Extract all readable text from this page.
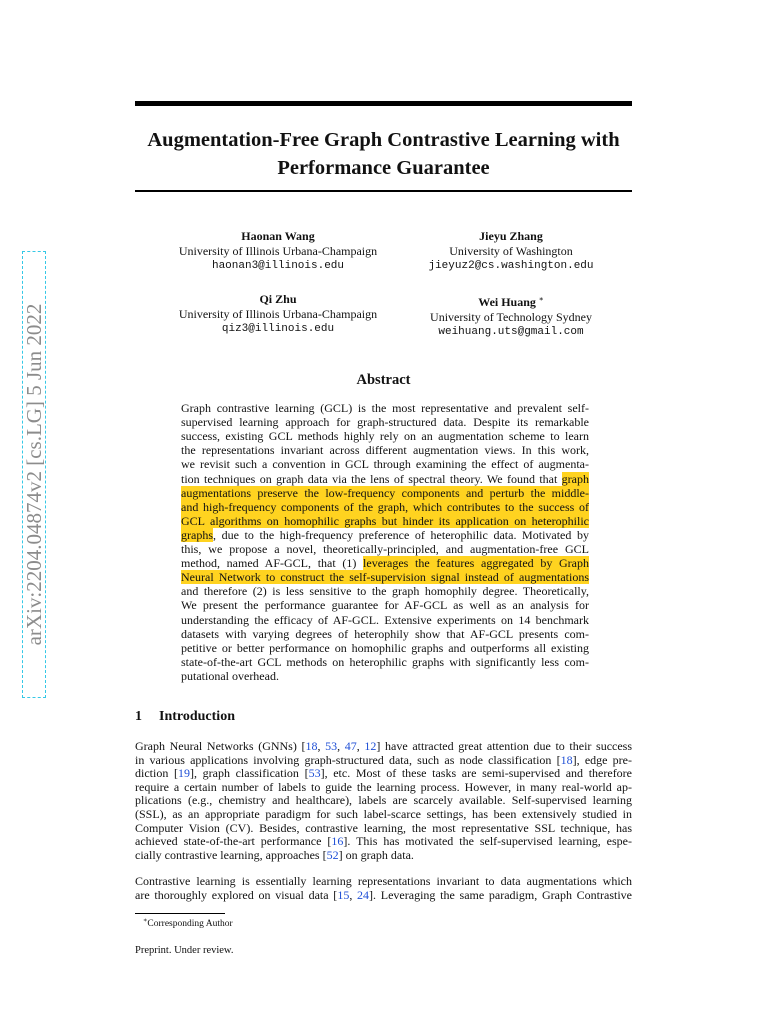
arXiv:2204.04874v2 [cs.LG] 5 Jun 2022
Augmentation-Free Graph Contrastive Learning with
Performance Guarantee
Haonan Wang
University of Illinois Urbana-Champaign
haonan3@illinois.edu
Jieyu Zhang
University of Washington
jieyuz2@cs.washington.edu
Qi Zhu
University of Illinois Urbana-Champaign
qiz3@illinois.edu
Wei Huang ∗
University of Technology Sydney
weihuang.uts@gmail.com
Abstract
Graph contrastive learning (GCL) is the most representative and prevalent self-
supervised learning approach for graph-structured data. Despite its remarkable
success, existing GCL methods highly rely on an augmentation scheme to learn
the representations invariant across different augmentation views. In this work,
we revisit such a convention in GCL through examining the effect of augmenta-
tion techniques on graph data via the lens of spectral theory. We found that graph
augmentations preserve the low-frequency components and perturb the middle-
and high-frequency components of the graph, which contributes to the success of
GCL algorithms on homophilic graphs but hinder its application on heterophilic
graphs, due to the high-frequency preference of heterophilic data. Motivated by
this, we propose a novel, theoretically-principled, and augmentation-free GCL
method, named AF-GCL, that (1) leverages the features aggregated by Graph
Neural Network to construct the self-supervision signal instead of augmentations
and therefore (2) is less sensitive to the graph homophily degree. Theoretically,
We present the performance guarantee for AF-GCL as well as an analysis for
understanding the efficacy of AF-GCL. Extensive experiments on 14 benchmark
datasets with varying degrees of heterophily show that AF-GCL presents com-
petitive or better performance on homophilic graphs and outperforms all existing
state-of-the-art GCL methods on heterophilic graphs with significantly less com-
putational overhead.
1 Introduction
Graph Neural Networks (GNNs) [18, 53, 47, 12] have attracted great attention due to their success
in various applications involving graph-structured data, such as node classification [18], edge pre-
diction [19], graph classification [53], etc. Most of these tasks are semi-supervised and therefore
require a certain number of labels to guide the learning process. However, in many real-world ap-
plications (e.g., chemistry and healthcare), labels are scarcely available. Self-supervised learning
(SSL), as an appropriate paradigm for such label-scarce settings, has been extensively studied in
Computer Vision (CV). Besides, contrastive learning, the most representative SSL technique, has
achieved state-of-the-art performance [16]. This has motivated the self-supervised learning, espe-
cially contrastive learning, approaches [52] on graph data.
Contrastive learning is essentially learning representations invariant to data augmentations which
are thoroughly explored on visual data [15, 24]. Leveraging the same paradigm, Graph Contrastive
∗Corresponding Author
Preprint. Under review.
